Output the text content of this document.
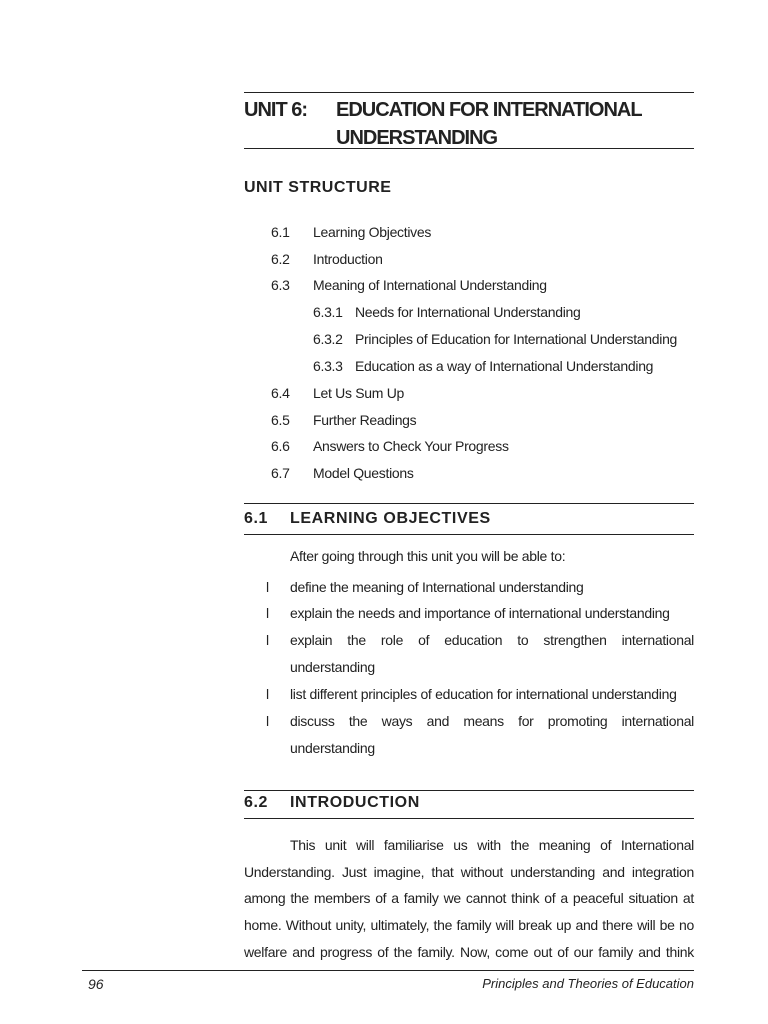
UNIT 6: EDUCATION FOR INTERNATIONAL
UNDERSTANDING
UNIT STRUCTURE
6.1 Learning Objectives
6.2 Introduction
6.3 Meaning of International Understanding
6.3.1 Needs for International Understanding
6.3.2 Principles of Education for International Understanding
6.3.3 Education as a way of International Understanding
6.4 Let Us Sum Up
6.5 Further Readings
6.6 Answers to Check Your Progress
6.7 Model Questions
6.1 LEARNING OBJECTIVES
After going through this unit you will be able to:
l define the meaning of International understanding
l explain the needs and importance of international understanding
l explain the role of education to strengthen international
understanding
l list different principles of education for international understanding
l discuss the ways and means for promoting international
understanding
6.2 INTRODUCTION
This unit will familiarise us with the meaning of International
Understanding. Just imagine, that without understanding and integration
among the members of a family we cannot think of a peaceful situation at
home. Without unity, ultimately, the family will break up and there will be no
welfare and progress of the family. Now, come out of our family and think
96	Principles and Theories of Education
